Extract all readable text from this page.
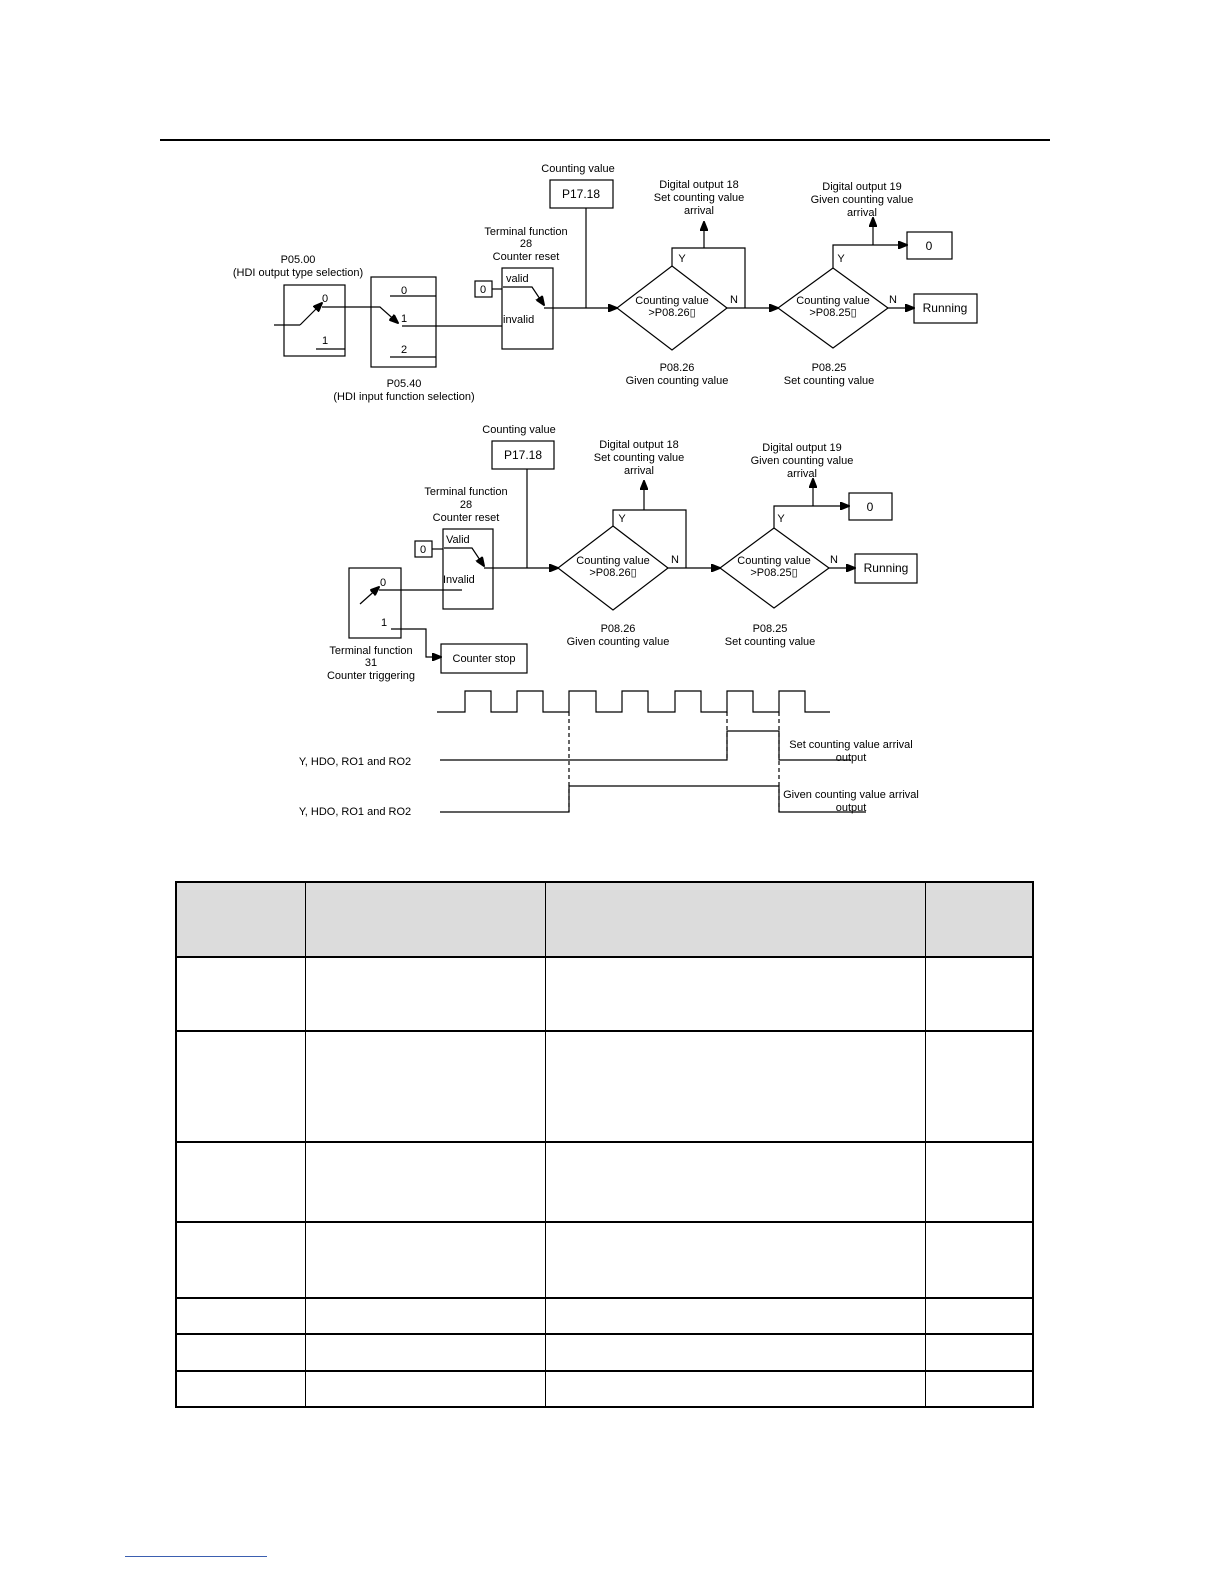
Counting value
P17.18
P05.00
(HDI output type selection)
0
1
0
1
2
P05.40
(HDI input function selection)
Terminal function
28
Counter reset
0
valid
invalid
Counting value
>P08.26▯
Y
N
Digital output 18
Set counting value
arrival
P08.26
Given counting value
Counting value
>P08.25▯
Y
N
Digital output 19
Given counting value
arrival
0
Running
P08.25
Set counting value
Counting value
P17.18
Terminal function
28
Counter reset
0
Valid
Invalid
0
1
Counter stop
Terminal function
31
Counter triggering
Counting value
>P08.26▯
Y
N
Digital output 18
Set counting value
arrival
P08.26
Given counting value
Counting value
>P08.25▯
Y
N
Digital output 19
Given counting value
arrival
0
Running
P08.25
Set counting value
Y, HDO, RO1 and RO2
Set counting value arrival
output
Y, HDO, RO1 and RO2
Given counting value arrival
output
